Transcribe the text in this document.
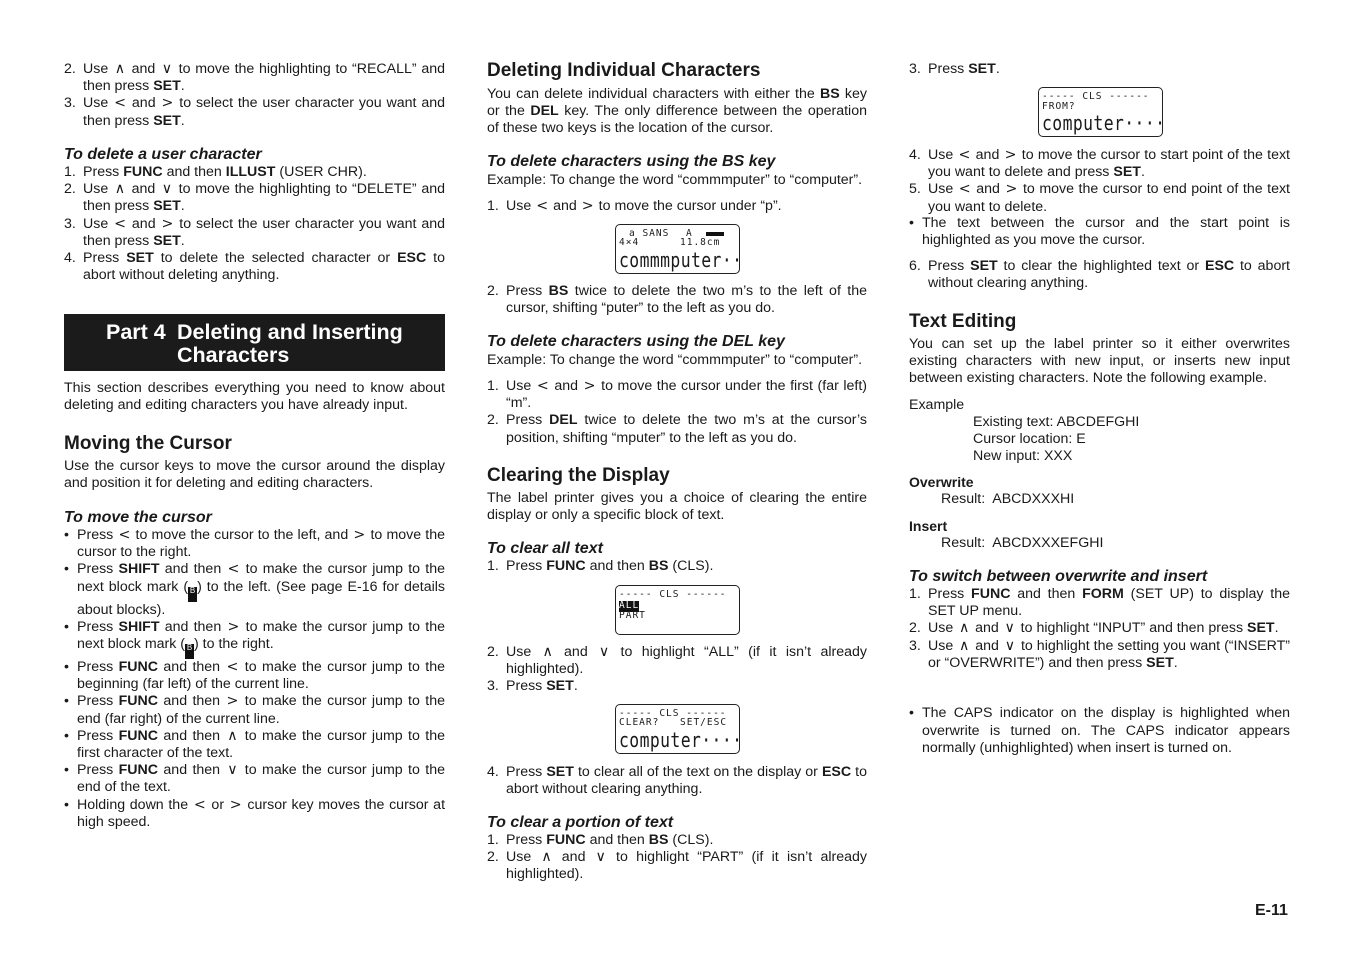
2. Use ∧ and ∨ to move the highlighting to “RECALL” and then press SET.
3. Use < and > to select the user character you want and then press SET.
To delete a user character
1. Press FUNC and then ILLUST (USER CHR).
2. Use ∧ and ∨ to move the highlighting to “DELETE” and then press SET.
3. Use < and > to select the user character you want and then press SET.
4. Press SET to delete the selected character or ESC to abort without deleting anything.
Part 4 Deleting and Inserting
Characters
This section describes everything you need to know about deleting and editing characters you have already input.
Moving the Cursor
Use the cursor keys to move the cursor around the display and position it for deleting and editing characters.
To move the cursor
• Press < to move the cursor to the left, and > to move the cursor to the right.
• Press SHIFT and then < to make the cursor jump to the next block mark ( B ) to the left. (See page E-16 for details about blocks).
• Press SHIFT and then > to make the cursor jump to the next block mark ( B ) to the right.
• Press FUNC and then < to make the cursor jump to the beginning (far left) of the current line.
• Press FUNC and then > to make the cursor jump to the end (far right) of the current line.
• Press FUNC and then ∧ to make the cursor jump to the first character of the text.
• Press FUNC and then ∨ to make the cursor jump to the end of the text.
• Holding down the < or > cursor key moves the cursor at high speed.
Deleting Individual Characters
You can delete individual characters with either the BS key or the DEL key. The only difference between the operation of these two keys is the location of the cursor.
To delete characters using the BS key
Example: To change the word “commmputer” to “computer”.
1. Use < and > to move the cursor under “p”.
a SANS A
4×4	11.8cm
commmputer··
2. Press BS twice to delete the two m’s to the left of the cursor, shifting “puter” to the left as you do.
To delete characters using the DEL key
Example: To change the word “commmputer” to “computer”.
1. Use < and > to move the cursor under the first (far left) “m”.
2. Press DEL twice to delete the two m’s at the cursor’s position, shifting “mputer” to the left as you do.
Clearing the Display
The label printer gives you a choice of clearing the entire display or only a specific block of text.
To clear all text
1. Press FUNC and then BS (CLS).
----- CLS ------
ALL
PART
2. Use ∧ and ∨ to highlight “ALL” (if it isn’t already highlighted).
3. Press SET.
----- CLS ------
CLEAR? SET/ESC
computer····
4. Press SET to clear all of the text on the display or ESC to abort without clearing anything.
To clear a portion of text
1. Press FUNC and then BS (CLS).
2. Use ∧ and ∨ to highlight “PART” (if it isn’t already highlighted).
3. Press SET.
----- CLS ------
FROM?
computer····
4. Use < and > to move the cursor to start point of the text you want to delete and press SET.
5. Use < and > to move the cursor to end point of the text you want to delete.
• The text between the cursor and the start point is highlighted as you move the cursor.
6. Press SET to clear the highlighted text or ESC to abort without clearing anything.
Text Editing
You can set up the label printer so it either overwrites existing characters with new input, or inserts new input between existing characters. Note the following example.
Example
Existing text: ABCDEFGHI
Cursor location: E
New input: XXX
Overwrite
Result:  ABCDXXXHI
Insert
Result:  ABCDXXXEFGHI
To switch between overwrite and insert
1. Press FUNC and then FORM (SET UP) to display the SET UP menu.
2. Use ∧ and ∨ to highlight “INPUT” and then press SET.
3. Use ∧ and ∨ to highlight the setting you want (“INSERT” or “OVERWRITE”) and then press SET.
• The CAPS indicator on the display is highlighted when overwrite is turned on. The CAPS indicator appears normally (unhighlighted) when insert is turned on.
E-11
